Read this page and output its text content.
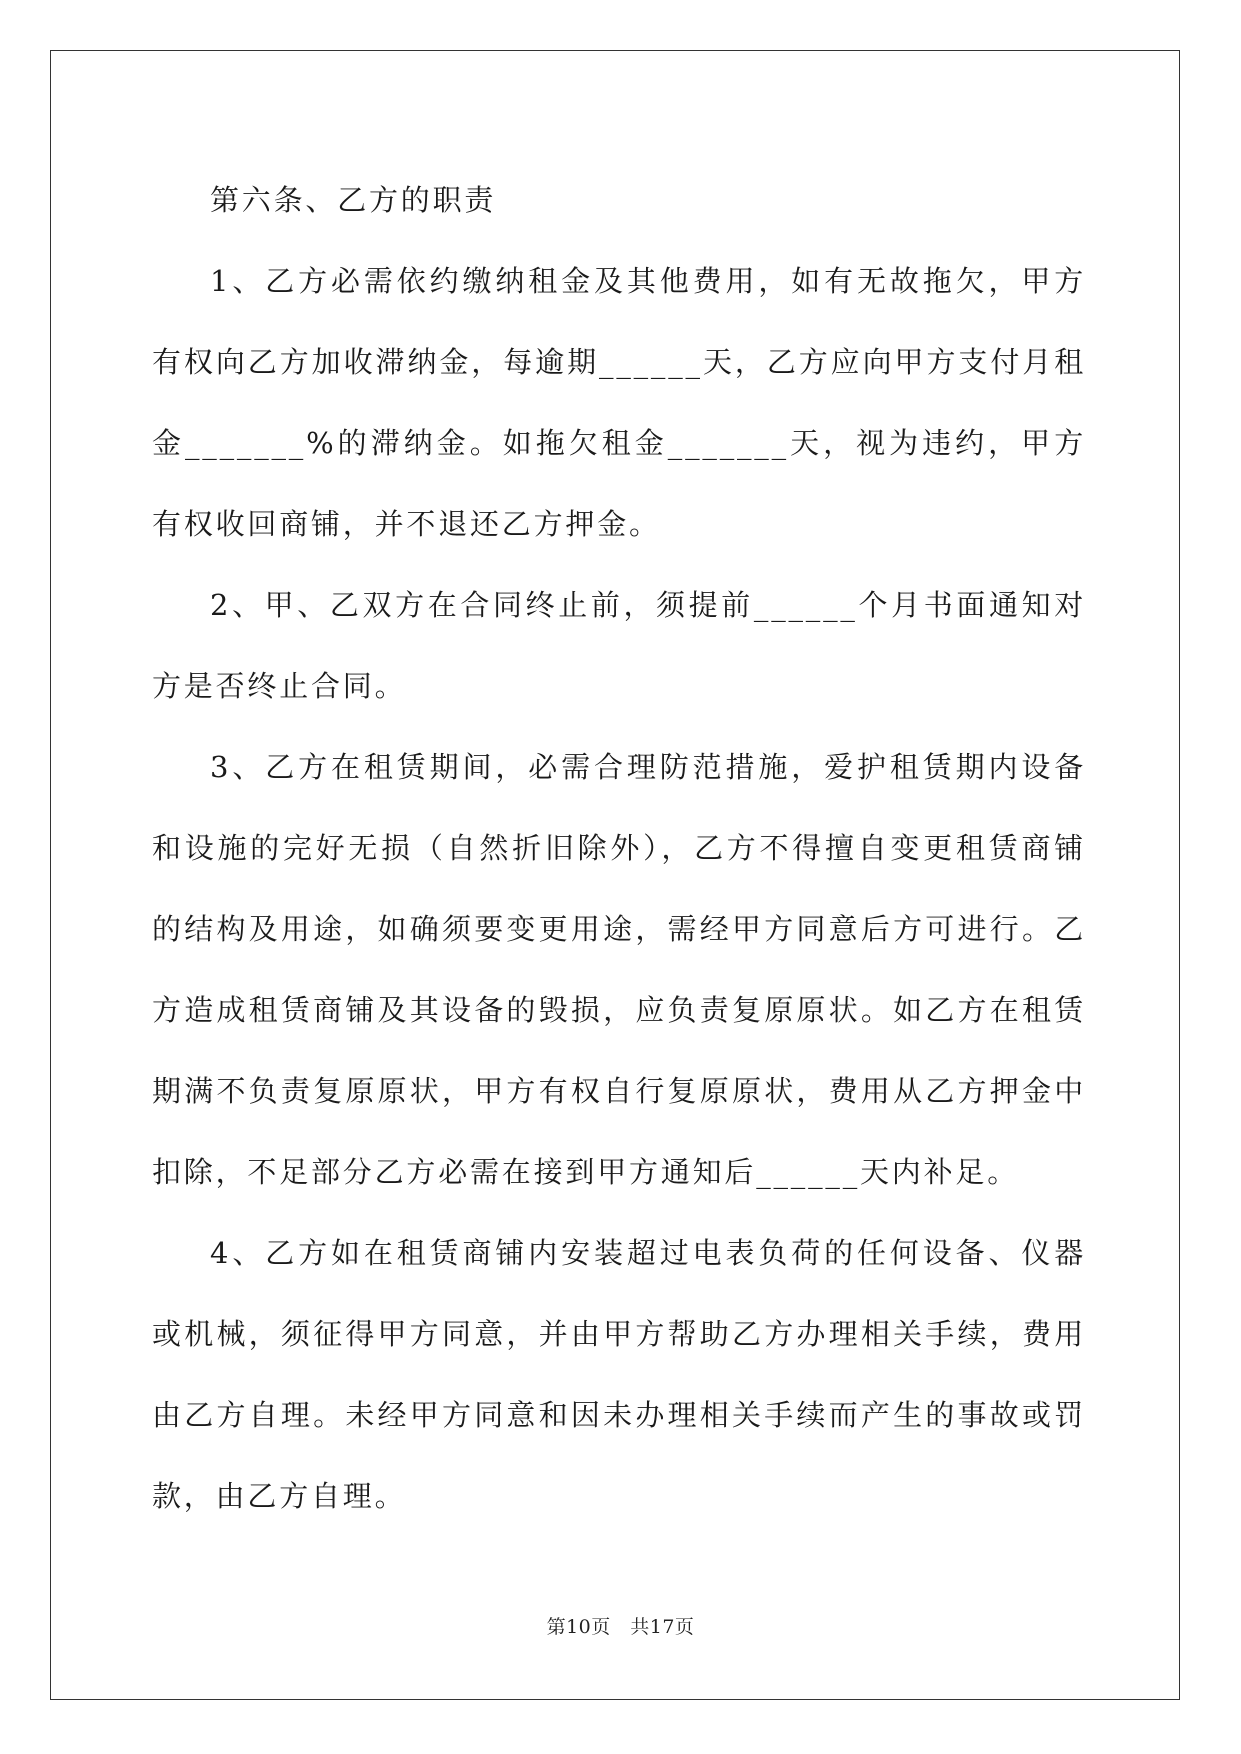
第六条、乙方的职责

1、乙方必需依约缴纳租金及其他费用，如有无故拖欠，甲方有权向乙方加收滞纳金，每逾期______天，乙方应向甲方支付月租金_______%的滞纳金。如拖欠租金_______天，视为违约，甲方有权收回商铺，并不退还乙方押金。

2、甲、乙双方在合同终止前，须提前______个月书面通知对方是否终止合同。

3、乙方在租赁期间，必需合理防范措施，爱护租赁期内设备和设施的完好无损（自然折旧除外），乙方不得擅自变更租赁商铺的结构及用途，如确须要变更用途，需经甲方同意后方可进行。乙方造成租赁商铺及其设备的毁损，应负责复原原状。如乙方在租赁期满不负责复原原状，甲方有权自行复原原状，费用从乙方押金中扣除，不足部分乙方必需在接到甲方通知后______天内补足。

4、乙方如在租赁商铺内安装超过电表负荷的任何设备、仪器或机械，须征得甲方同意，并由甲方帮助乙方办理相关手续，费用由乙方自理。未经甲方同意和因未办理相关手续而产生的事故或罚款，由乙方自理。

第10页　共17页
